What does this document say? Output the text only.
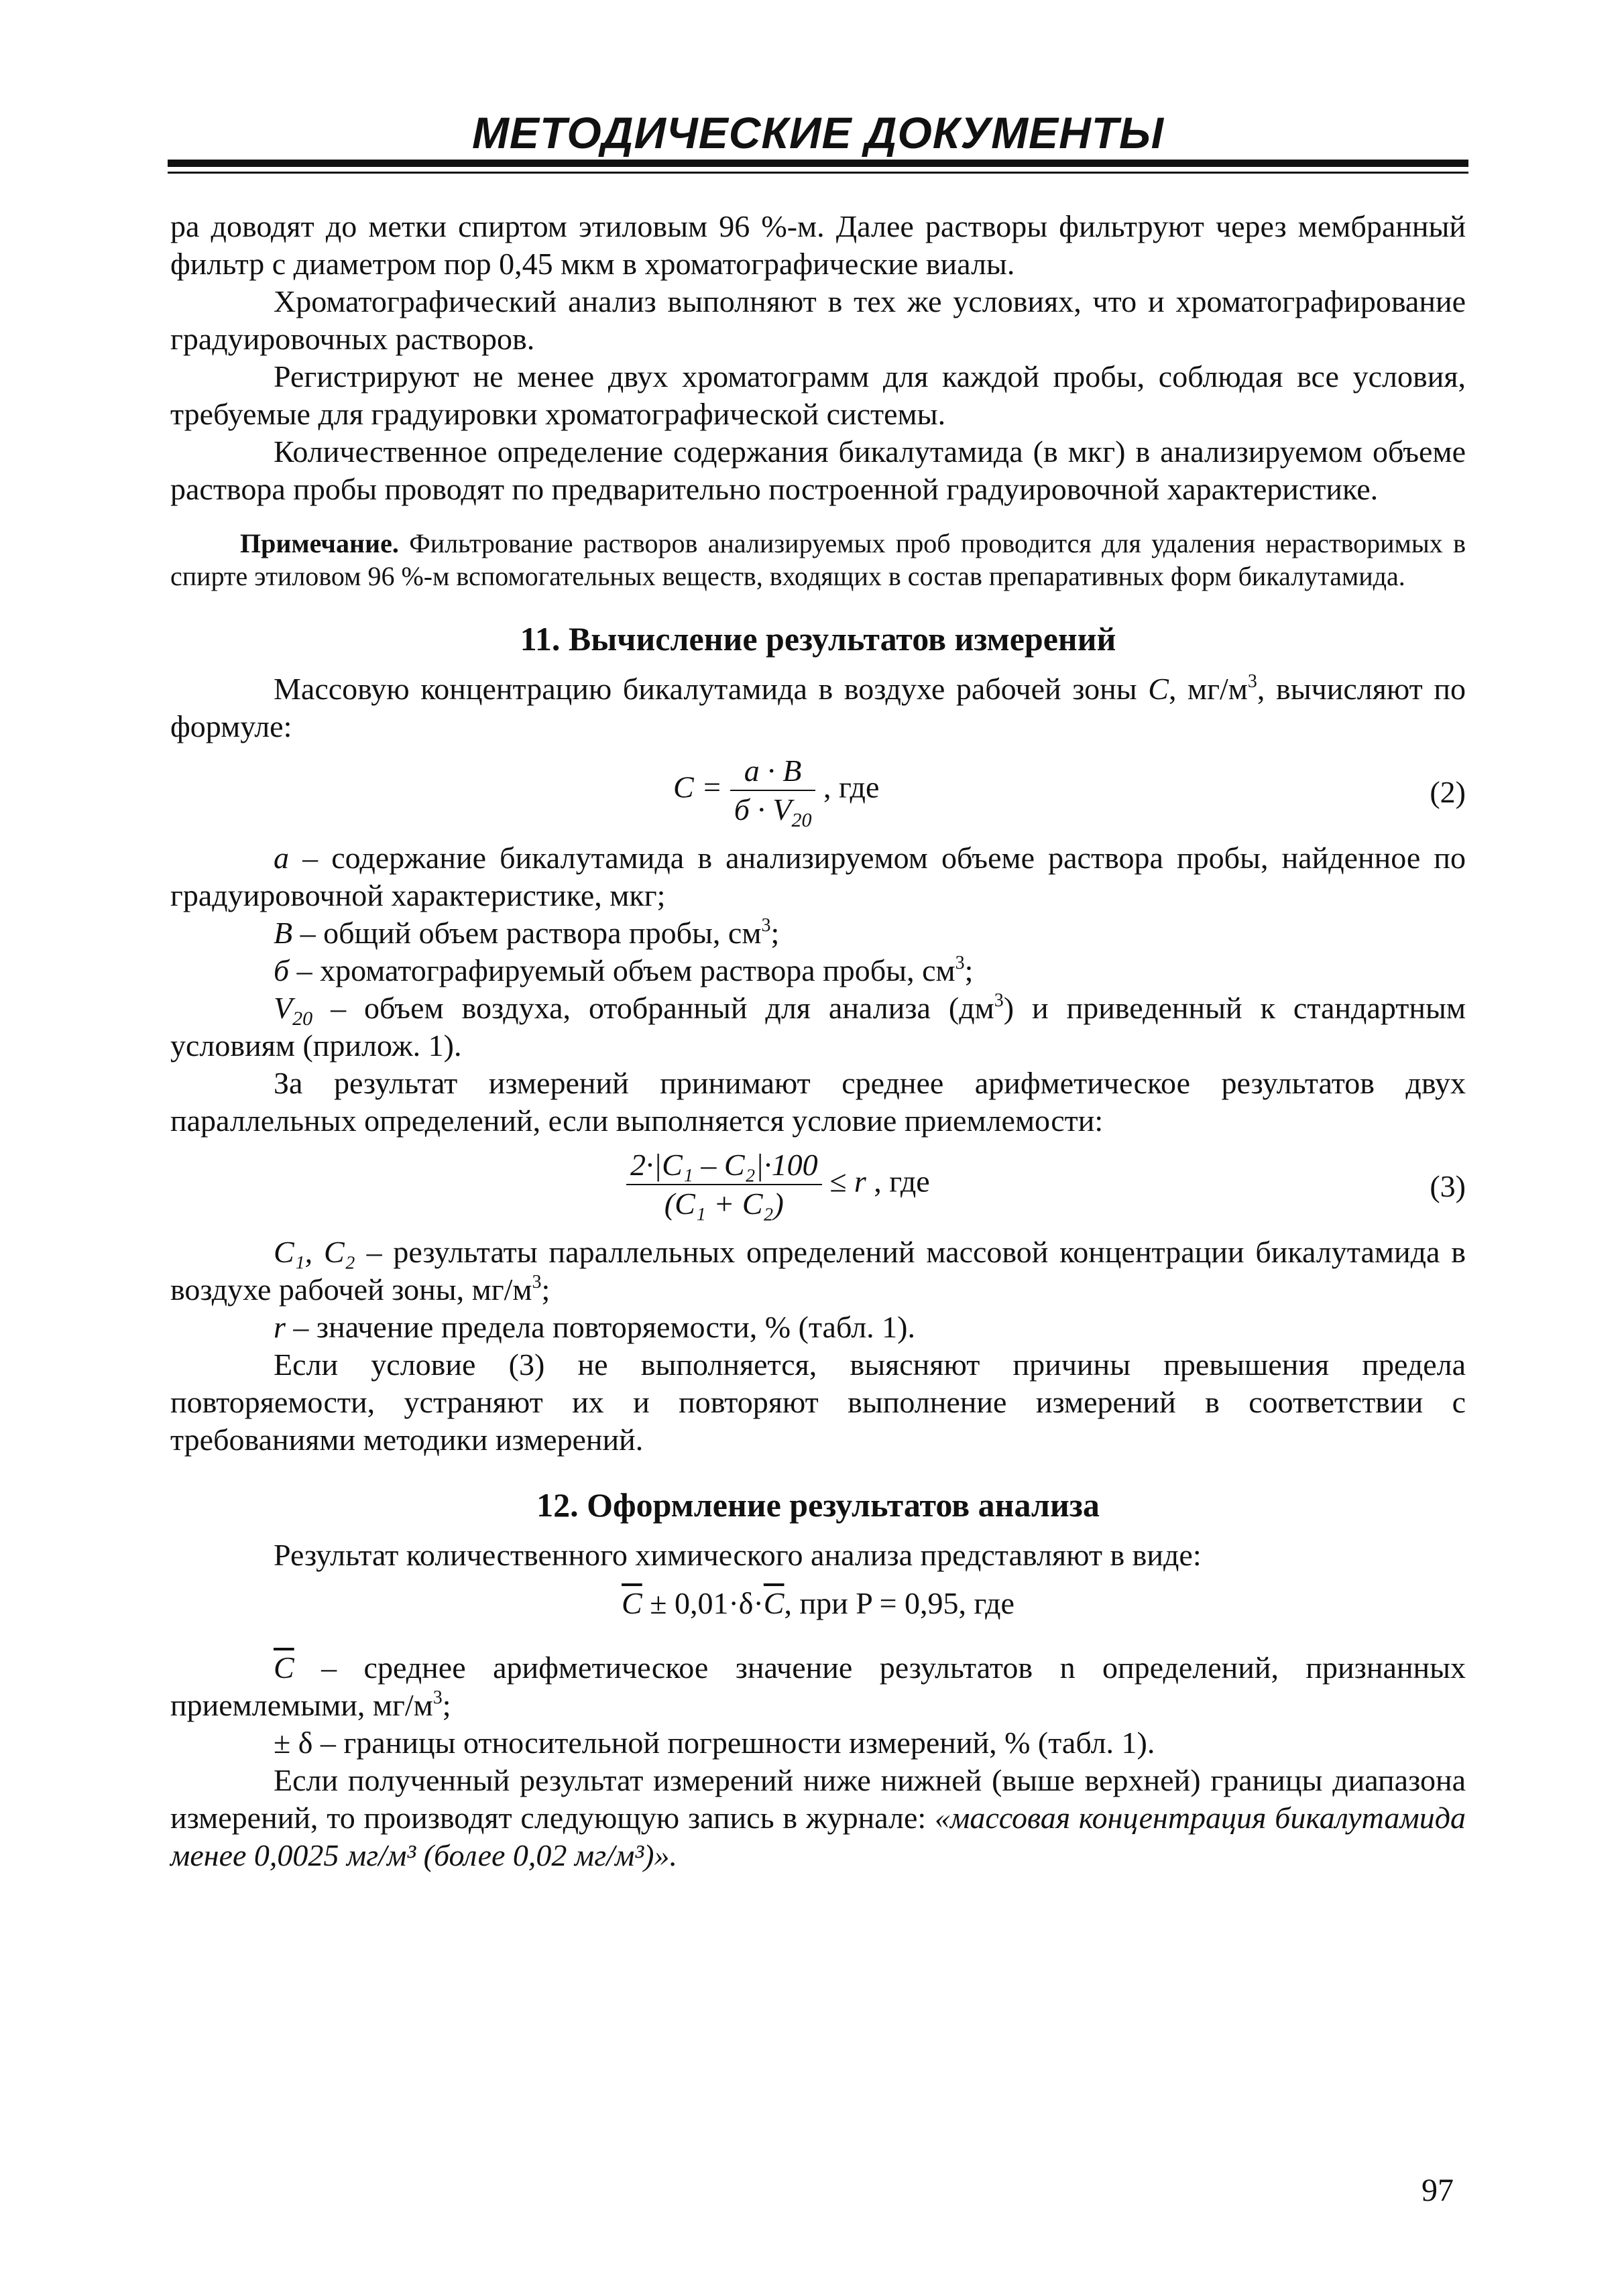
МЕТОДИЧЕСКИЕ ДОКУМЕНТЫ

ра доводят до метки спиртом этиловым 96 %-м. Далее растворы фильтруют через мембранный фильтр с диаметром пор 0,45 мкм в хроматографические виалы.

Хроматографический анализ выполняют в тех же условиях, что и хроматографирование градуировочных растворов.

Регистрируют не менее двух хроматограмм для каждой пробы, соблюдая все условия, требуемые для градуировки хроматографической системы.

Количественное определение содержания бикалутамида (в мкг) в анализируемом объеме раствора пробы проводят по предварительно построенной градуировочной характеристике.

Примечание. Фильтрование растворов анализируемых проб проводится для удаления нерастворимых в спирте этиловом 96 %-м вспомогательных веществ, входящих в состав препаративных форм бикалутамида.

11. Вычисление результатов измерений

Массовую концентрацию бикалутамида в воздухе рабочей зоны C, $мг/м^3$, вычисляют по формуле:

$C = \frac{a \cdot B}{б \cdot V_{20}}$ , где	(2)

a – содержание бикалутамида в анализируемом объеме раствора пробы, найденное по градуировочной характеристике, мкг;

B – общий объем раствора пробы, $см^3$;

б – хроматографируемый объем раствора пробы, $см^3$;

$V_{20}$ – объем воздуха, отобранный для анализа $(дм^3)$ и приведенный к стандартным условиям (прилож. 1).

За результат измерений принимают среднее арифметическое результатов двух параллельных определений, если выполняется условие приемлемости:

$\frac{\text{2·|C₁ – C₂|·100}}{\text{(C₁ + C₂)}} \le r$ , где	(3)

C₁, C₂ – результаты параллельных определений массовой концентрации бикалутамида в воздухе рабочей зоны, $мг/м^3$;

r – значение предела повторяемости, % (табл. 1).

Если условие (3) не выполняется, выясняют причины превышения предела повторяемости, устраняют их и повторяют выполнение измерений в соответствии с требованиями методики измерений.

12. Оформление результатов анализа

Результат количественного химического анализа представляют в виде:

$\overline{C} \pm 0,01\cdot\delta\cdot\overline{C}$, при P = 0,95, где

$\overline{C}$ – среднее арифметическое значение результатов n определений, признанных приемлемыми, $мг/м^3$;

± δ – границы относительной погрешности измерений, % (табл. 1).

Если полученный результат измерений ниже нижней (выше верхней) границы диапазона измерений, то производят следующую запись в журнале: «массовая концентрация бикалутамида менее 0,0025 мг/м³ (более 0,02 мг/м³)».

97
